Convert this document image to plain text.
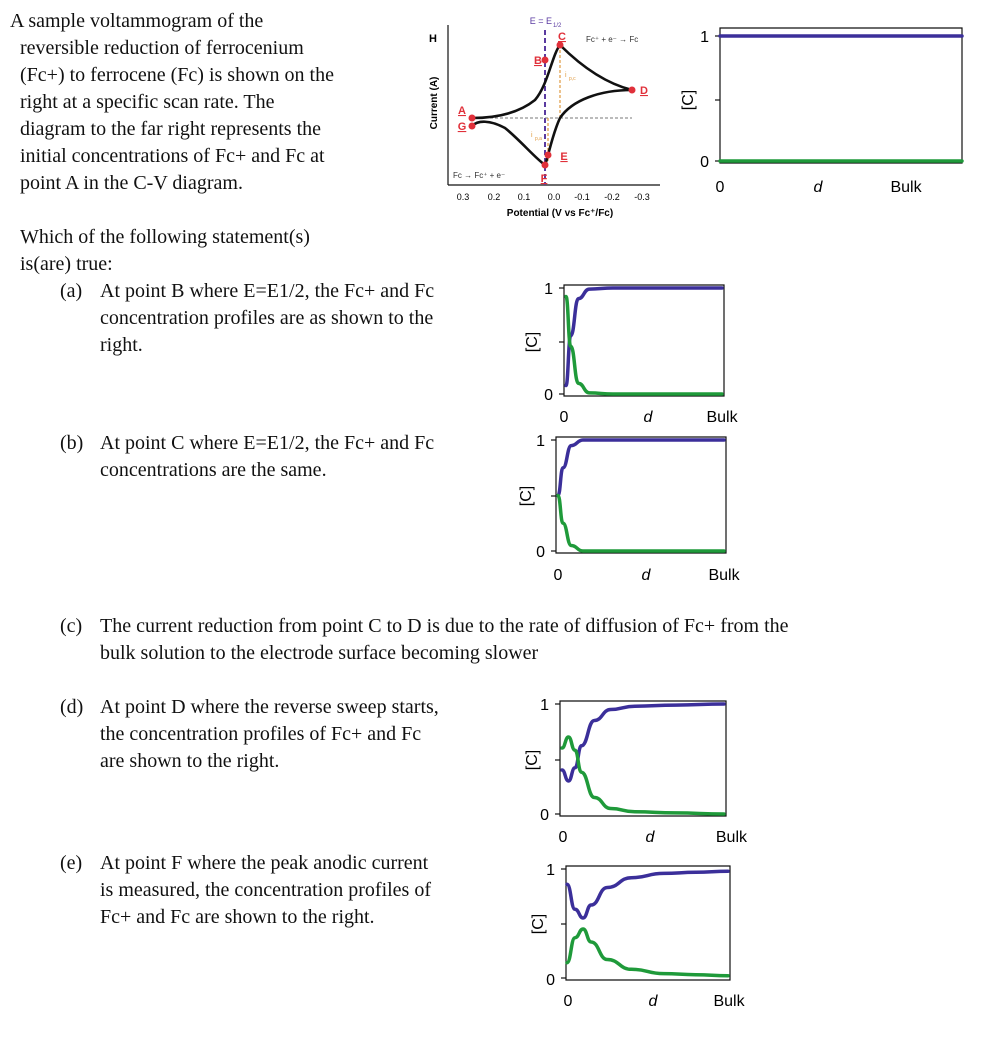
A sample voltammogram of the
reversible reduction of ferrocenium
(Fc+) to ferrocene (Fc) is shown on the
right at a specific scan rate. The
diagram to the far right represents the
initial concentrations of Fc+ and Fc at
point A in the C-V diagram.
Which of the following statement(s)
is(are) true:
(a) At point B where E=E1/2, the Fc+ and Fc
concentration profiles are as shown to the
right.
(b) At point C where E=E1/2, the Fc+ and Fc
concentrations are the same.
(c) The current reduction from point C to D is due to the rate of diffusion of Fc+ from the
bulk solution to the electrode surface becoming slower
(d) At point D where the reverse sweep starts,
the concentration profiles of Fc+ and Fc
are shown to the right.
(e) At point F where the peak anodic current
is measured, the concentration profiles of
Fc+ and Fc are shown to the right.
H
Current (A)
Potential (V vs Fc⁺/Fc)
0.3 0.2 0.1 0.0 -0.1 -0.2 -0.3
A
B
C
D
E
F
G
E = E 1/2
Fc⁺ + e⁻ → Fc
Fc → Fc⁺ + e⁻
i p,c
i p,a
1
0
[C]
0	d	Bulk
1
0
[C]
0	d	Bulk
1
0
[C]
0	d	Bulk
1
0
[C]
0	d	Bulk
1
0
[C]
0	d	Bulk
